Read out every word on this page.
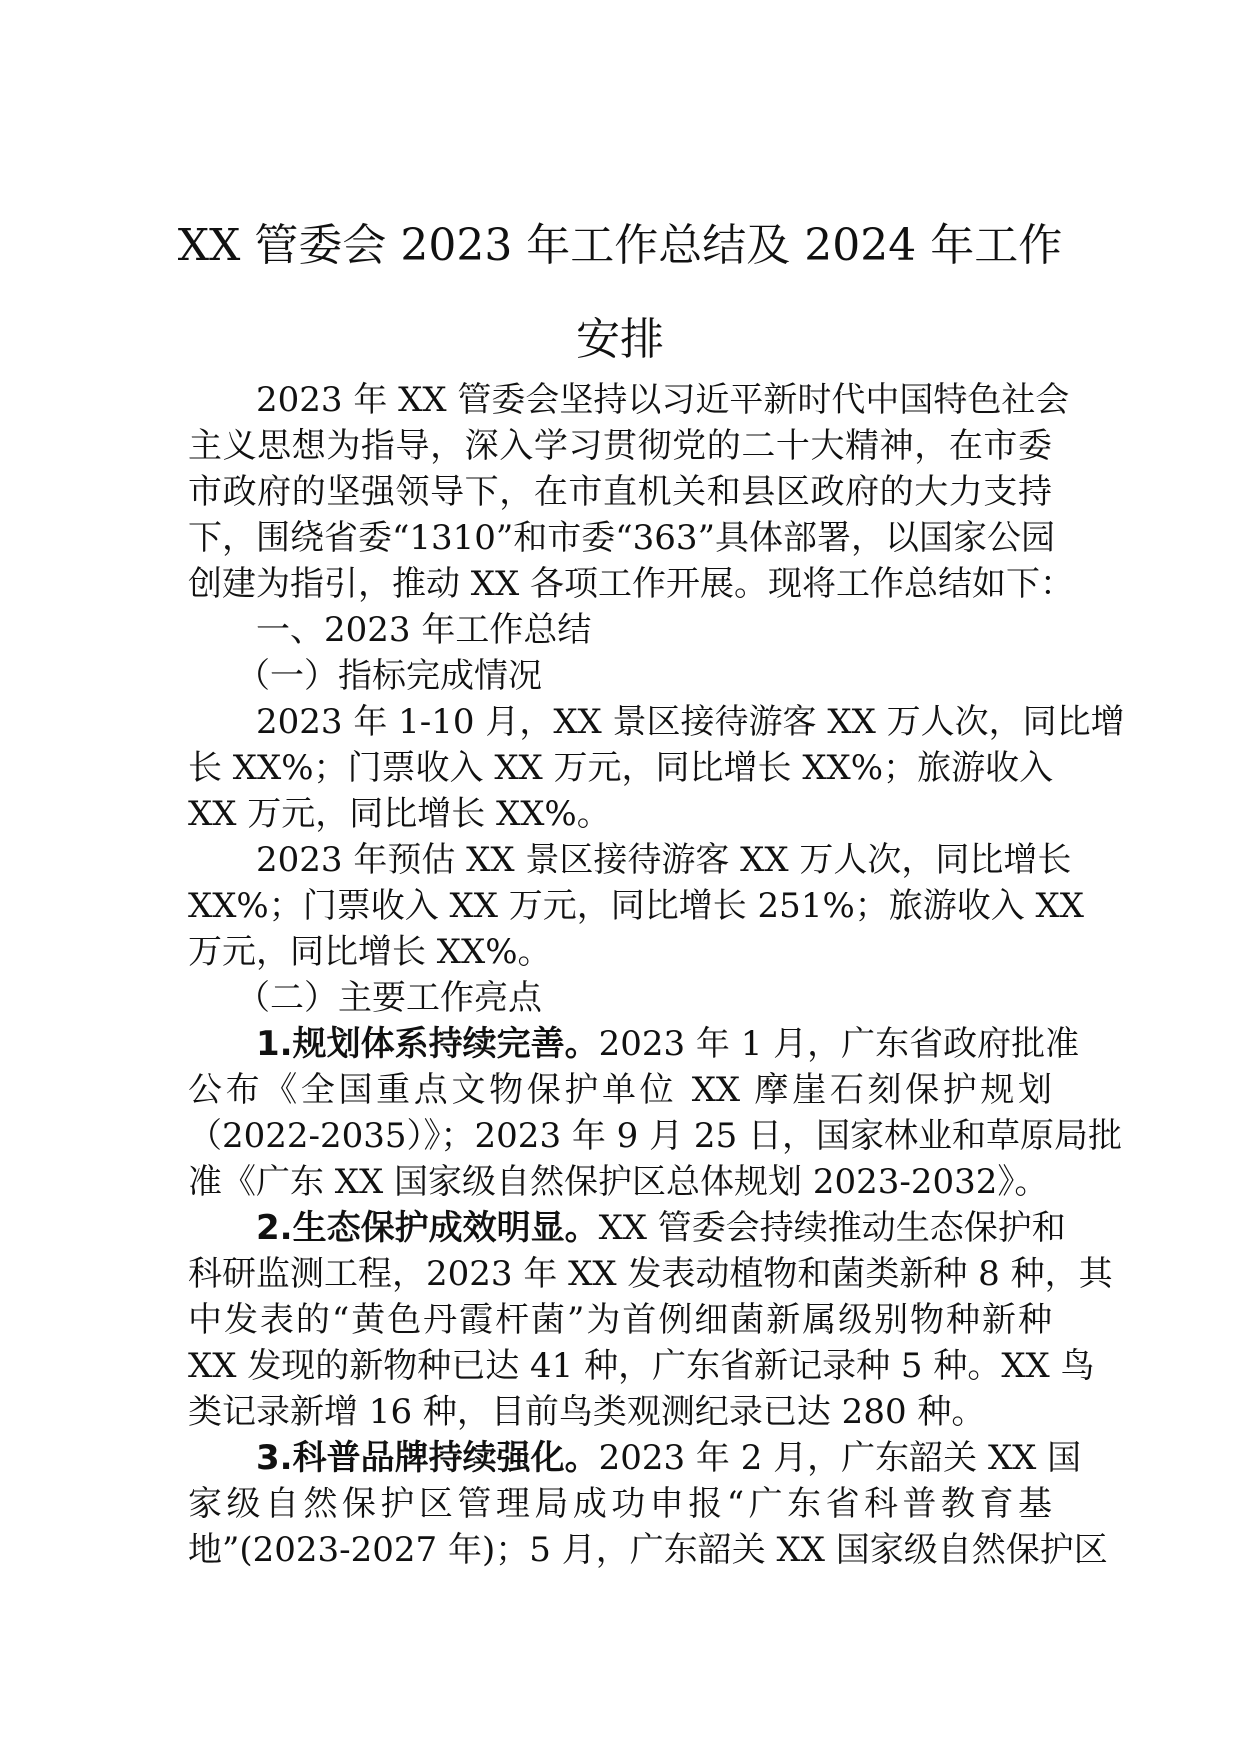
XX 管委会 2023 年工作总结及 2024 年工作
安排
2023 年 XX 管委会坚持以习近平新时代中国特色社会
主义思想为指导，深入学习贯彻党的二十大精神，在市委
市政府的坚强领导下，在市直机关和县区政府的大力支持
下，围绕省委“1310”和市委“363”具体部署，以国家公园
创建为指引，推动 XX 各项工作开展。现将工作总结如下：
一、2023 年工作总结
（一）指标完成情况
2023 年 1-10 月，XX 景区接待游客 XX 万人次，同比增
长 XX%；门票收入 XX 万元，同比增长 XX%；旅游收入
XX 万元，同比增长 XX%。
2023 年预估 XX 景区接待游客 XX 万人次，同比增长
XX%；门票收入 XX 万元，同比增长 251%；旅游收入 XX
万元，同比增长 XX%。
（二）主要工作亮点
1.规划体系持续完善。2023 年 1 月，广东省政府批准
公布《全国重点文物保护单位 XX 摩崖石刻保护规划
（2022-2035）》；2023 年 9 月 25 日，国家林业和草原局批
准《广东 XX 国家级自然保护区总体规划 2023-2032》。
2.生态保护成效明显。XX 管委会持续推动生态保护和
科研监测工程，2023 年 XX 发表动植物和菌类新种 8 种，其
中发表的“黄色丹霞杆菌”为首例细菌新属级别物种新种
XX 发现的新物种已达 41 种，广东省新记录种 5 种。XX 鸟
类记录新增 16 种，目前鸟类观测纪录已达 280 种。
3.科普品牌持续强化。2023 年 2 月，广东韶关 XX 国
家级自然保护区管理局成功申报“广东省科普教育基
地”(2023-2027 年)；5 月，广东韶关 XX 国家级自然保护区
